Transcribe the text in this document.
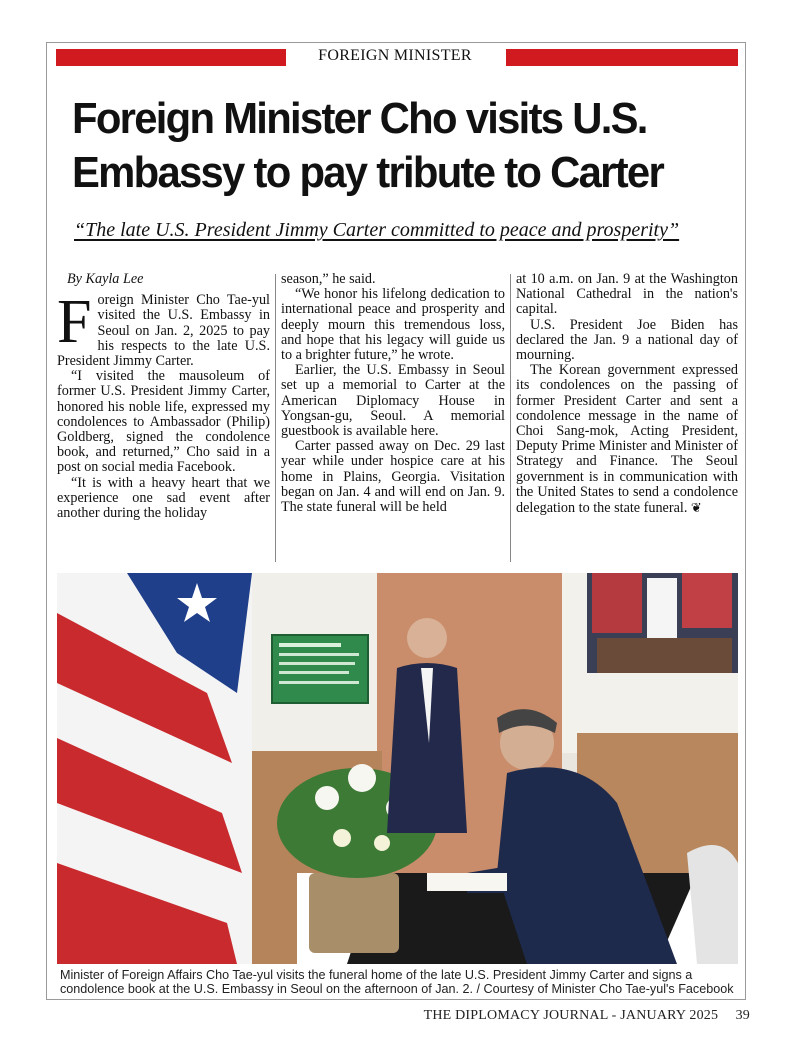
FOREIGN MINISTER
Foreign Minister Cho visits U.S.
Embassy to pay tribute to Carter
“The late U.S. President Jimmy Carter committed to peace and prosperity”

By Kayla Lee

Foreign Minister Cho Tae-yul visited the U.S. Embassy in Seoul on Jan. 2, 2025 to pay his respects to the late U.S. President Jimmy Carter.

“I visited the mausoleum of former U.S. President Jimmy Carter, honored his noble life, expressed my condolences to Ambassador (Philip) Goldberg, signed the condolence book, and returned,” Cho said in a post on social media Facebook.

“It is with a heavy heart that we experience one sad event after another during the holiday

season,” he said.

“We honor his lifelong dedication to international peace and prosperity and deeply mourn this tremendous loss, and hope that his legacy will guide us to a brighter future,” he wrote.

Earlier, the U.S. Embassy in Seoul set up a memorial to Carter at the American Diplomacy House in Yongsan-gu, Seoul. A memorial guestbook is available here.

Carter passed away on Dec. 29 last year while under hospice care at his home in Plains, Georgia. Visitation began on Jan. 4 and will end on Jan. 9. The state funeral will be held

at 10 a.m. on Jan. 9 at the Washington National Cathedral in the nation's capital.

U.S. President Joe Biden has declared the Jan. 9 a national day of mourning.

The Korean government expressed its condolences on the passing of former President Carter and sent a condolence message in the name of Choi Sang-mok, Acting President, Deputy Prime Minister and Minister of Strategy and Finance. The Seoul government is in communication with the United States to send a condolence delegation to the state funeral. ❦

Minister of Foreign Affairs Cho Tae-yul visits the funeral home of the late U.S. President Jimmy Carter and signs a condolence book at the U.S. Embassy in Seoul on the afternoon of Jan. 2. / Courtesy of Minister Cho Tae-yul's Facebook
THE DIPLOMACY JOURNAL - JANUARY 2025 39
